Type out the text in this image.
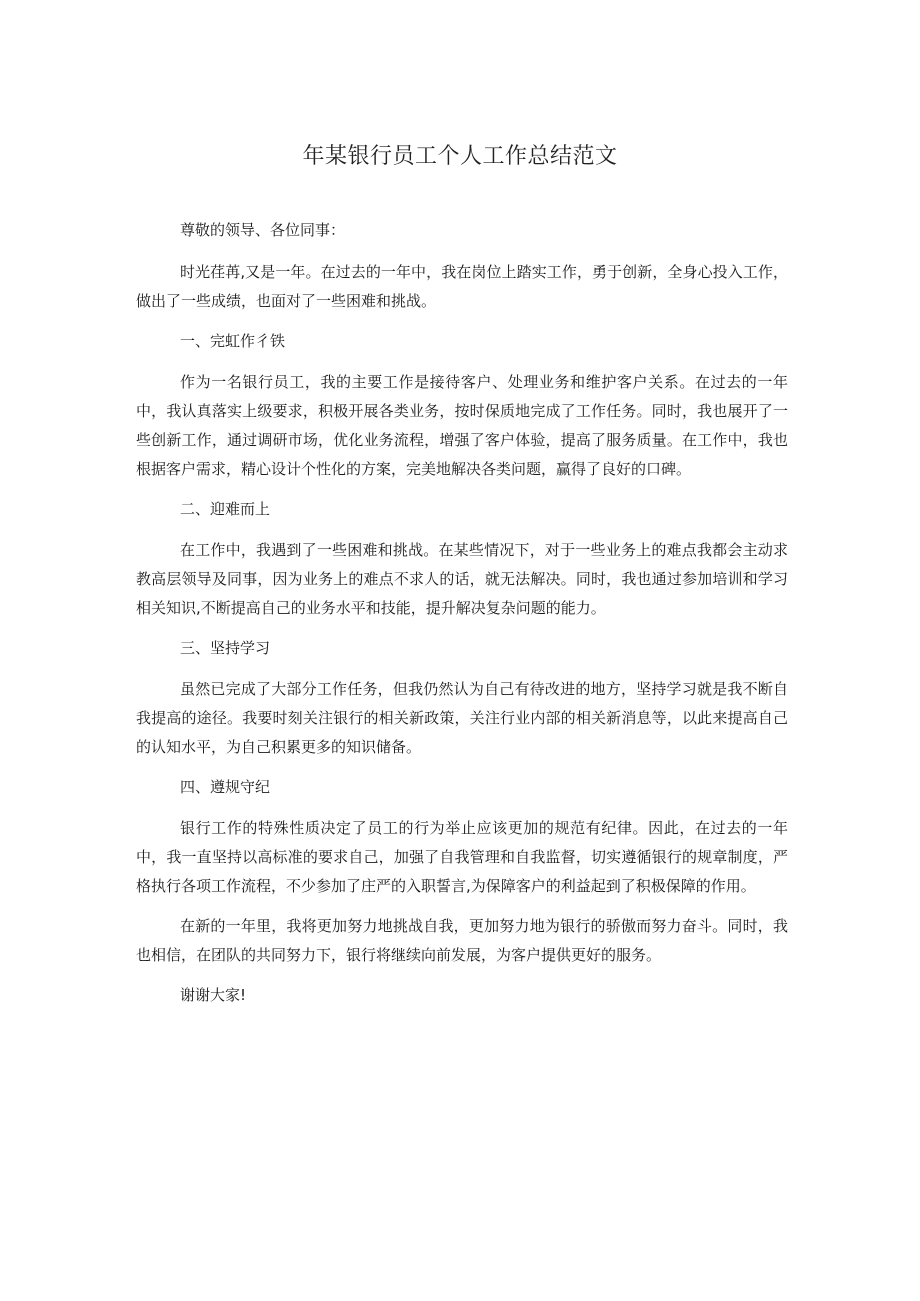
年某银行员工个人工作总结范文

尊敬的领导、各位同事：

时光荏苒,又是一年。在过去的一年中，我在岗位上踏实工作，勇于创新，全身心投入工作，做出了一些成绩，也面对了一些困难和挑战。

一、完虹作彳铁

作为一名银行员工，我的主要工作是接待客户、处理业务和维护客户关系。在过去的一年中，我认真落实上级要求，积极开展各类业务，按时保质地完成了工作任务。同时，我也展开了一些创新工作，通过调研市场，优化业务流程，增强了客户体验，提高了服务质量。在工作中，我也根据客户需求，精心设计个性化的方案，完美地解决各类问题，赢得了良好的口碑。

二、迎难而上

在工作中，我遇到了一些困难和挑战。在某些情况下，对于一些业务上的难点我都会主动求教高层领导及同事，因为业务上的难点不求人的话，就无法解决。同时，我也通过参加培训和学习相关知识,不断提高自己的业务水平和技能，提升解决复杂问题的能力。

三、坚持学习

虽然已完成了大部分工作任务，但我仍然认为自己有待改进的地方，坚持学习就是我不断自我提高的途径。我要时刻关注银行的相关新政策，关注行业内部的相关新消息等，以此来提高自己的认知水平，为自己积累更多的知识储备。

四、遵规守纪

银行工作的特殊性质决定了员工的行为举止应该更加的规范有纪律。因此，在过去的一年中，我一直坚持以高标准的要求自己，加强了自我管理和自我监督，切实遵循银行的规章制度，严格执行各项工作流程，不少参加了庄严的入职誓言,为保障客户的利益起到了积极保障的作用。

在新的一年里，我将更加努力地挑战自我，更加努力地为银行的骄傲而努力奋斗。同时，我也相信，在团队的共同努力下，银行将继续向前发展，为客户提供更好的服务。

谢谢大家!
